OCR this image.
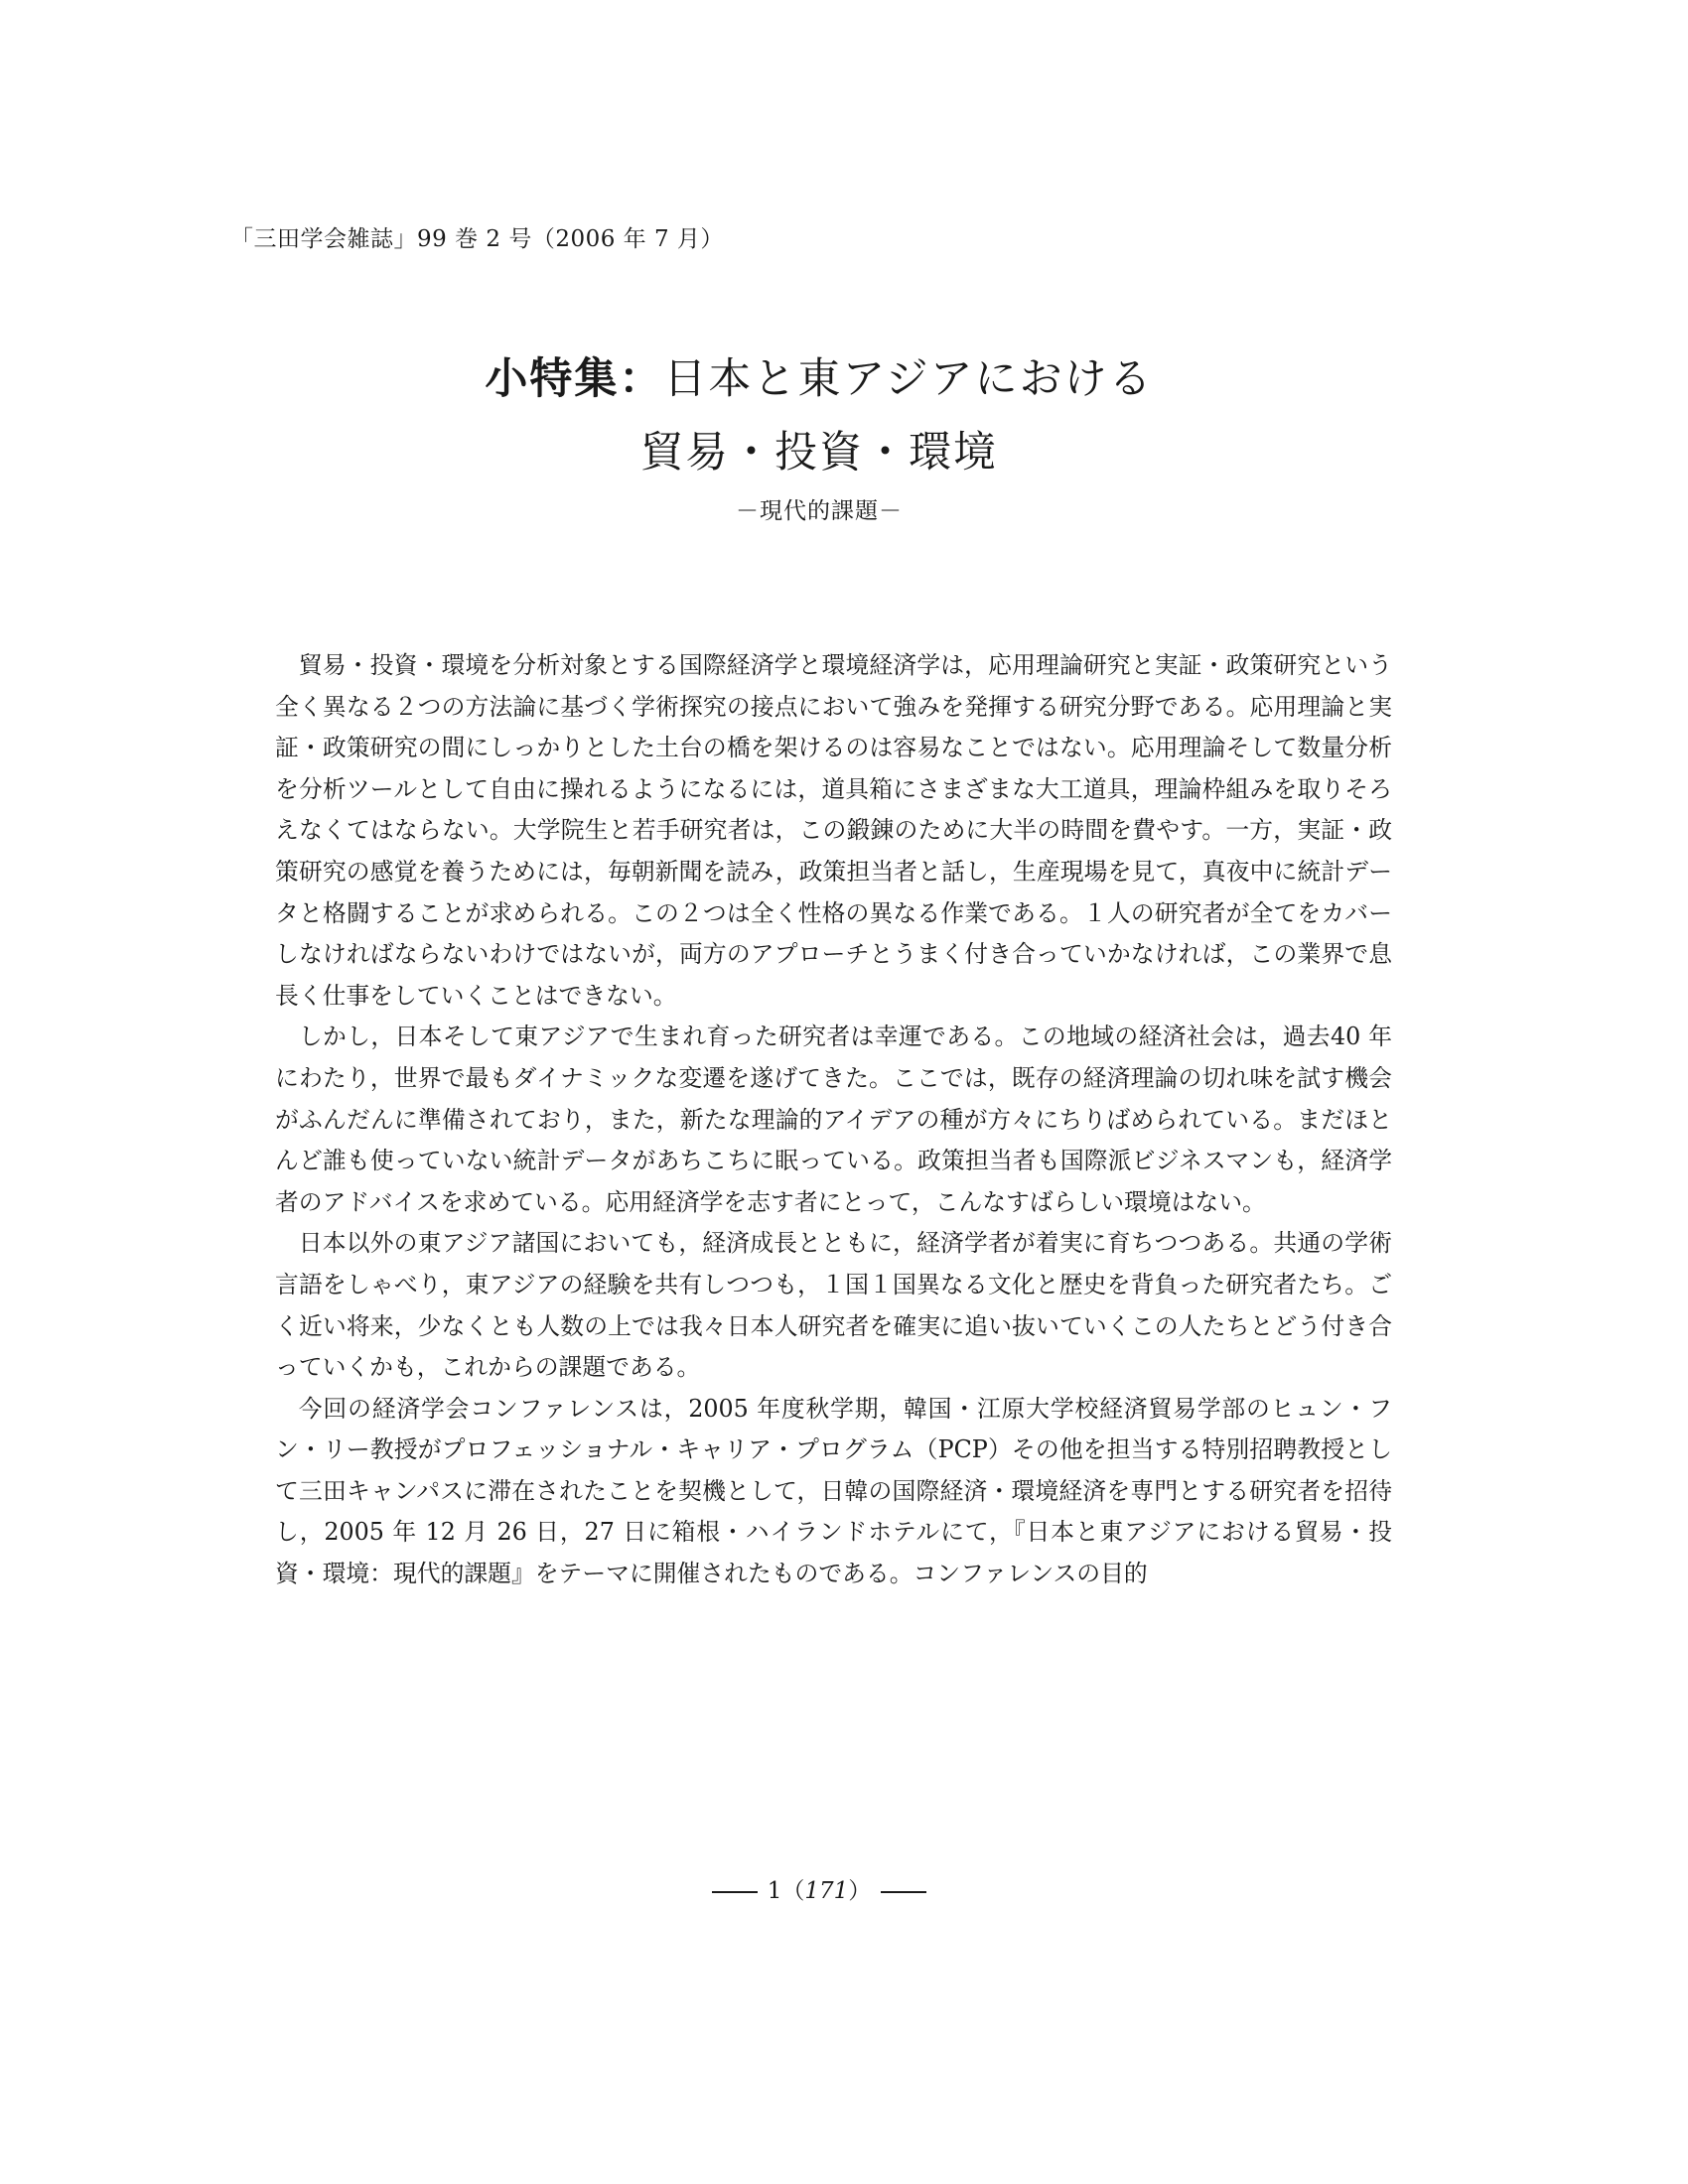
「三田学会雑誌」99 巻 2 号（2006 年 7 月）
小特集：日本と東アジアにおける
貿易・投資・環境
－現代的課題－

貿易・投資・環境を分析対象とする国際経済学と環境経済学は，応用理論研究と実証・政策研究という全く異なる２つの方法論に基づく学術探究の接点において強みを発揮する研究分野である。応用理論と実証・政策研究の間にしっかりとした土台の橋を架けるのは容易なことではない。応用理論そして数量分析を分析ツールとして自由に操れるようになるには，道具箱にさまざまな大工道具，理論枠組みを取りそろえなくてはならない。大学院生と若手研究者は，この鍛錬のために大半の時間を費やす。一方，実証・政策研究の感覚を養うためには，毎朝新聞を読み，政策担当者と話し，生産現場を見て，真夜中に統計データと格闘することが求められる。この２つは全く性格の異なる作業である。１人の研究者が全てをカバーしなければならないわけではないが，両方のアプローチとうまく付き合っていかなければ，この業界で息長く仕事をしていくことはできない。

しかし，日本そして東アジアで生まれ育った研究者は幸運である。この地域の経済社会は，過去40 年にわたり，世界で最もダイナミックな変遷を遂げてきた。ここでは，既存の経済理論の切れ味を試す機会がふんだんに準備されており，また，新たな理論的アイデアの種が方々にちりばめられている。まだほとんど誰も使っていない統計データがあちこちに眠っている。政策担当者も国際派ビジネスマンも，経済学者のアドバイスを求めている。応用経済学を志す者にとって，こんなすばらしい環境はない。

日本以外の東アジア諸国においても，経済成長とともに，経済学者が着実に育ちつつある。共通の学術言語をしゃべり，東アジアの経験を共有しつつも，１国１国異なる文化と歴史を背負った研究者たち。ごく近い将来，少なくとも人数の上では我々日本人研究者を確実に追い抜いていくこの人たちとどう付き合っていくかも，これからの課題である。

今回の経済学会コンファレンスは，2005 年度秋学期，韓国・江原大学校経済貿易学部のヒュン・フン・リー教授がプロフェッショナル・キャリア・プログラム（PCP）その他を担当する特別招聘教授として三田キャンパスに滞在されたことを契機として，日韓の国際経済・環境経済を専門とする研究者を招待し，2005 年 12 月 26 日，27 日に箱根・ハイランドホテルにて，『日本と東アジアにおける貿易・投資・環境：現代的課題』をテーマに開催されたものである。コンファレンスの目的

1（171）
